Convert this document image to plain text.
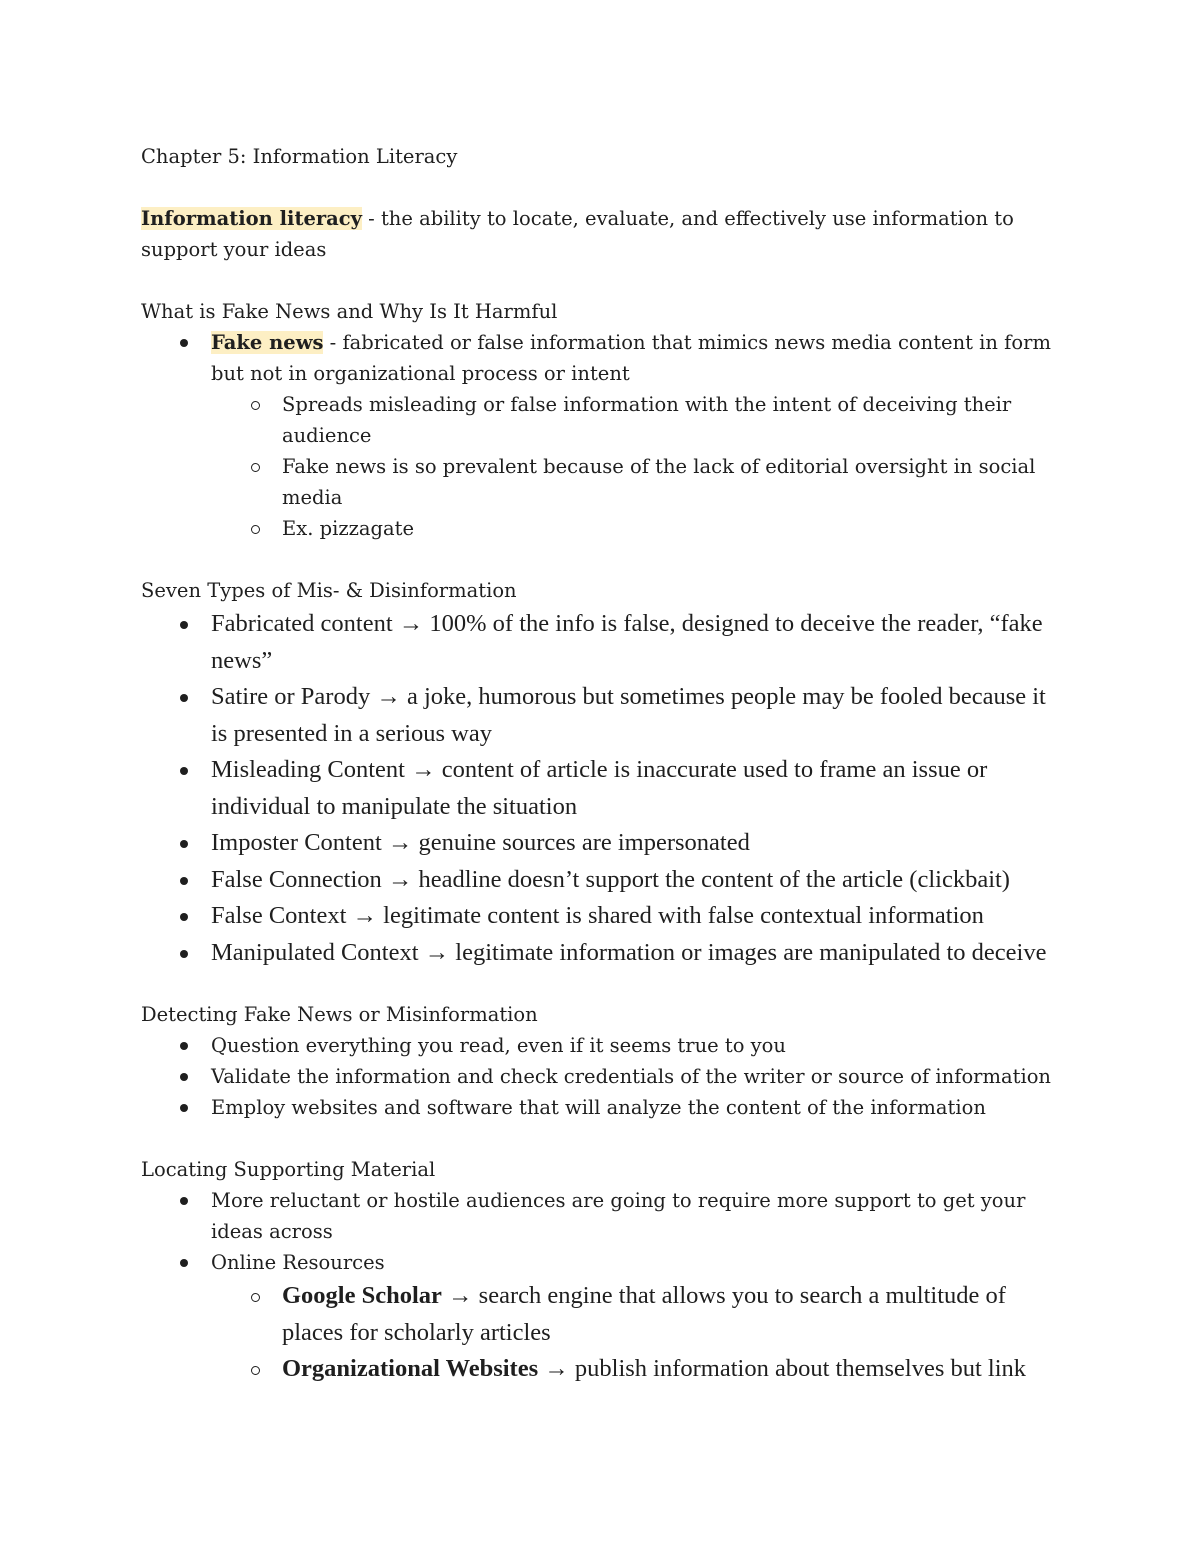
Chapter 5: Information Literacy

Information literacy - the ability to locate, evaluate, and effectively use information to support your ideas

What is Fake News and Why Is It Harmful

Fake news - fabricated or false information that mimics news media content in form but not in organizational process or intent
Spreads misleading or false information with the intent of deceiving their audience
Fake news is so prevalent because of the lack of editorial oversight in social media
Ex. pizzagate

Seven Types of Mis- & Disinformation

Fabricated content → 100% of the info is false, designed to deceive the reader, “fake news”
Satire or Parody → a joke, humorous but sometimes people may be fooled because it is presented in a serious way
Misleading Content → content of article is inaccurate used to frame an issue or individual to manipulate the situation
Imposter Content → genuine sources are impersonated
False Connection → headline doesn’t support the content of the article (clickbait)
False Context → legitimate content is shared with false contextual information
Manipulated Context → legitimate information or images are manipulated to deceive

Detecting Fake News or Misinformation

Question everything you read, even if it seems true to you
Validate the information and check credentials of the writer or source of information
Employ websites and software that will analyze the content of the information

Locating Supporting Material

More reluctant or hostile audiences are going to require more support to get your ideas across
Online Resources
Google Scholar → search engine that allows you to search a multitude of places for scholarly articles
Organizational Websites → publish information about themselves but link
